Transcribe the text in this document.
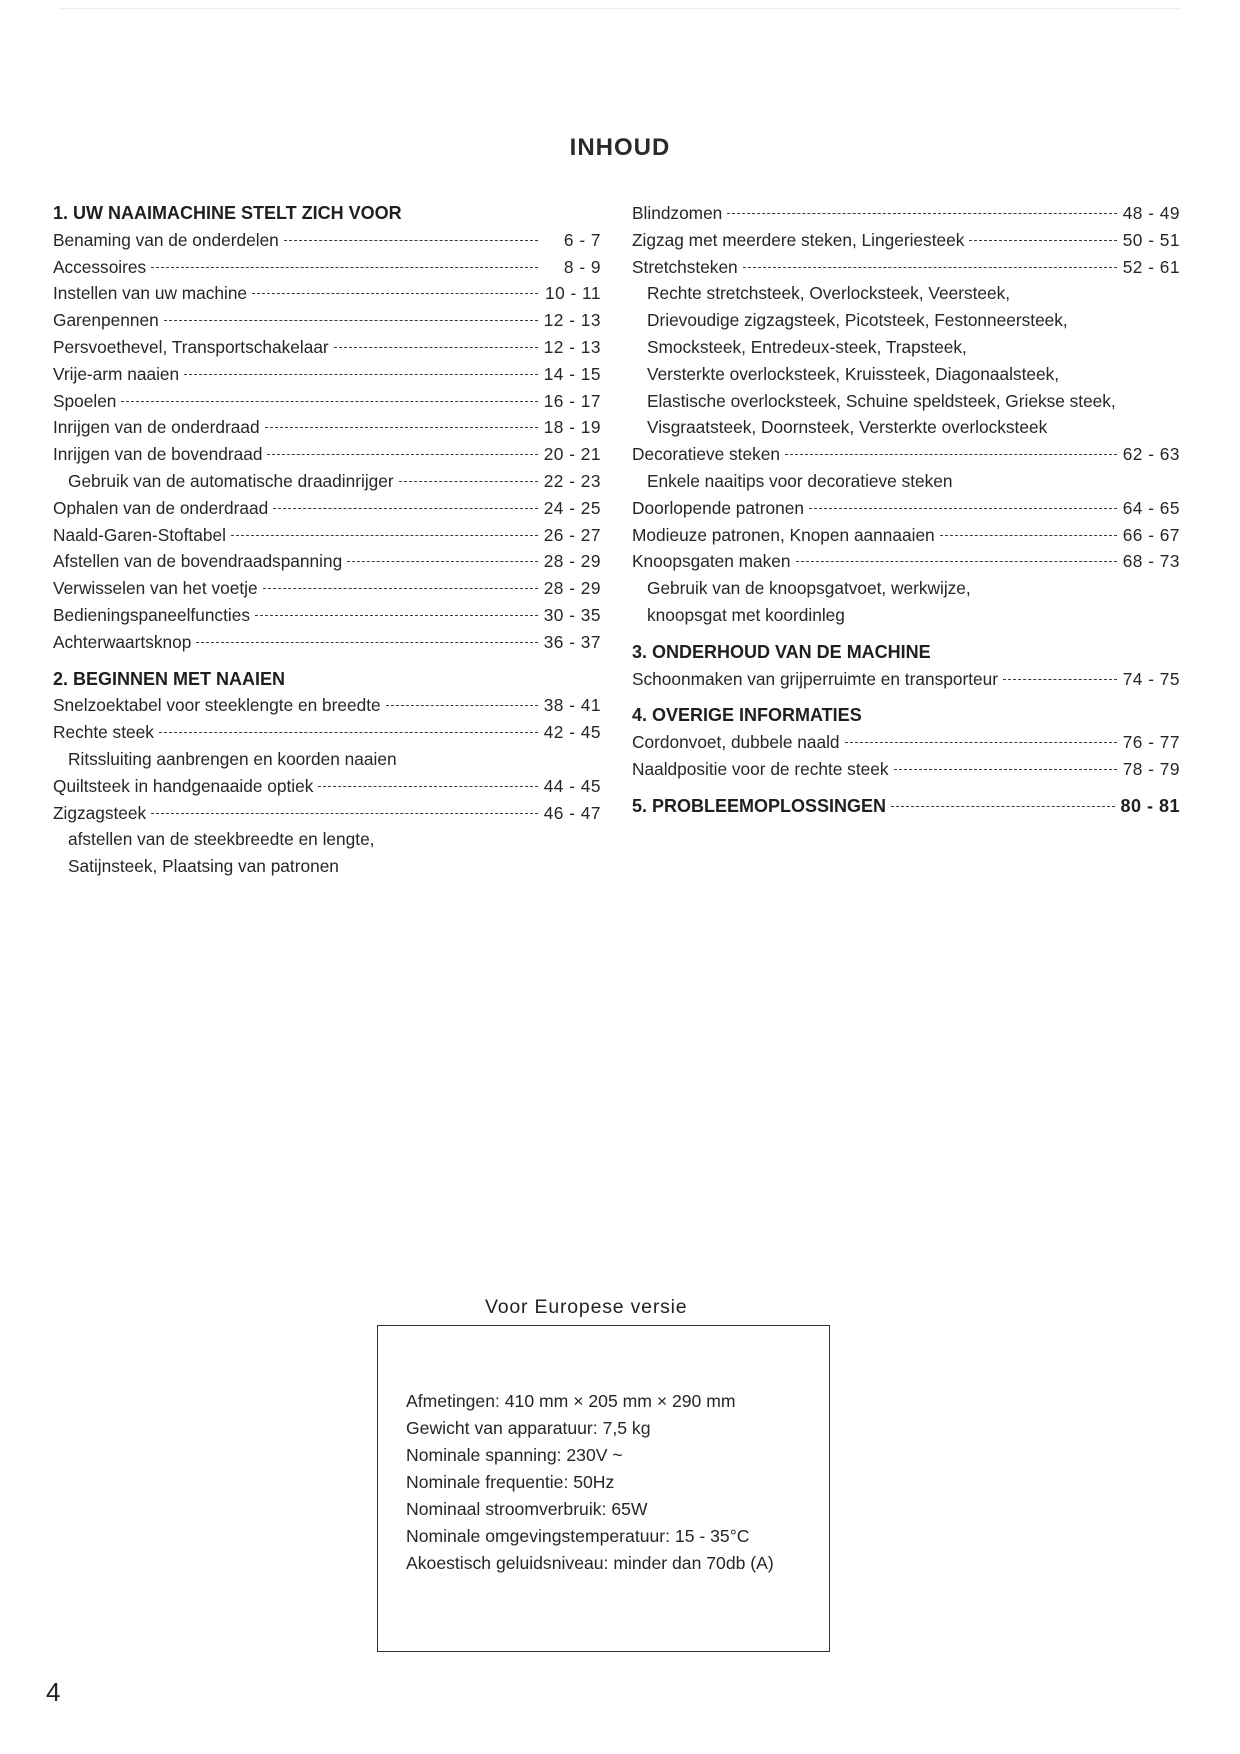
INHOUD
1. UW NAAIMACHINE STELT ZICH VOOR
Benaming van de onderdelen	6 - 7
Accessoires	8 - 9
Instellen van uw machine	10 - 11
Garenpennen	12 - 13
Persvoethevel, Transportschakelaar	12 - 13
Vrije-arm naaien	14 - 15
Spoelen	16 - 17
Inrijgen van de onderdraad	18 - 19
Inrijgen van de bovendraad	20 - 21
Gebruik van de automatische draadinrijger	22 - 23
Ophalen van de onderdraad	24 - 25
Naald-Garen-Stoftabel	26 - 27
Afstellen van de bovendraadspanning	28 - 29
Verwisselen van het voetje	28 - 29
Bedieningspaneelfuncties	30 - 35
Achterwaartsknop	36 - 37
2. BEGINNEN MET NAAIEN
Snelzoektabel voor steeklengte en breedte	38 - 41
Rechte steek	42 - 45
Ritssluiting aanbrengen en koorden naaien
Quiltsteek in handgenaaide optiek	44 - 45
Zigzagsteek	46 - 47
afstellen van de steekbreedte en lengte,
Satijnsteek, Plaatsing van patronen
Blindzomen	48 - 49
Zigzag met meerdere steken, Lingeriesteek	50 - 51
Stretchsteken	52 - 61
Rechte stretchsteek, Overlocksteek, Veersteek,
Drievoudige zigzagsteek, Picotsteek, Festonneersteek,
Smocksteek, Entredeux-steek, Trapsteek,
Versterkte overlocksteek, Kruissteek, Diagonaalsteek,
Elastische overlocksteek, Schuine speldsteek, Griekse steek,
Visgraatsteek, Doornsteek, Versterkte overlocksteek
Decoratieve steken	62 - 63
Enkele naaitips voor decoratieve steken
Doorlopende patronen	64 - 65
Modieuze patronen, Knopen aannaaien	66 - 67
Knoopsgaten maken	68 - 73
Gebruik van de knoopsgatvoet, werkwijze,
knoopsgat met koordinleg
3. ONDERHOUD VAN DE MACHINE
Schoonmaken van grijperruimte en transporteur	74 - 75
4. OVERIGE INFORMATIES
Cordonvoet, dubbele naald	76 - 77
Naaldpositie voor de rechte steek	78 - 79
5. PROBLEEMOPLOSSINGEN	80 - 81
Voor Europese versie
Afmetingen: 410 mm × 205 mm × 290 mm
Gewicht van apparatuur: 7,5 kg
Nominale spanning: 230V ~
Nominale frequentie: 50Hz
Nominaal stroomverbruik: 65W
Nominale omgevingstemperatuur: 15 - 35°C
Akoestisch geluidsniveau: minder dan 70db (A)
4
